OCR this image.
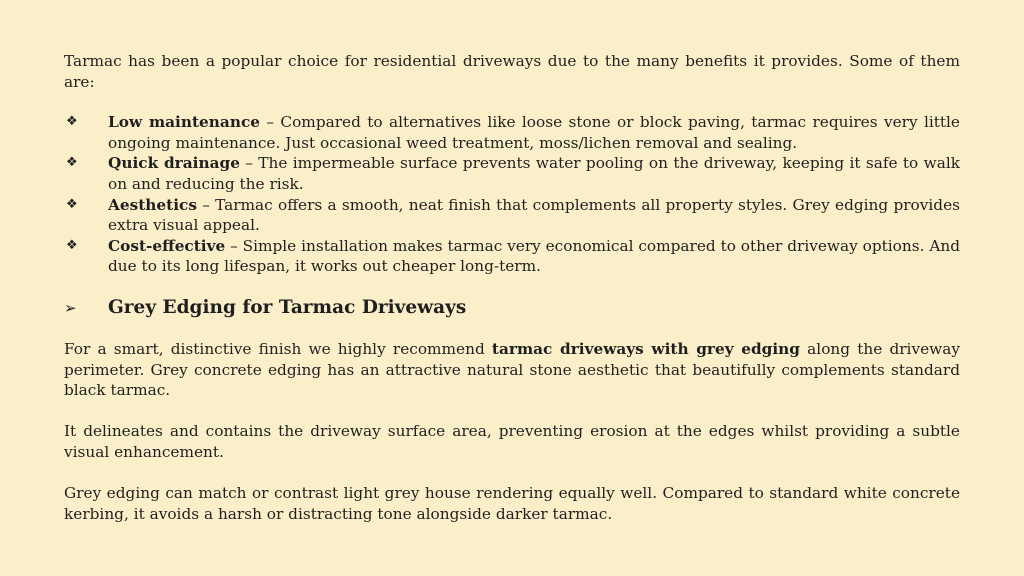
Tarmac has been a popular choice for residential driveways due to the many benefits it provides. Some of them are:

❖ Low maintenance – Compared to alternatives like loose stone or block paving, tarmac requires very little ongoing maintenance. Just occasional weed treatment, moss/lichen removal and sealing.
❖ Quick drainage – The impermeable surface prevents water pooling on the driveway, keeping it safe to walk on and reducing the risk.
❖ Aesthetics – Tarmac offers a smooth, neat finish that complements all property styles. Grey edging provides extra visual appeal.
❖ Cost-effective – Simple installation makes tarmac very economical compared to other driveway options. And due to its long lifespan, it works out cheaper long-term.
➢ Grey Edging for Tarmac Driveways

For a smart, distinctive finish we highly recommend tarmac driveways with grey edging along the driveway perimeter. Grey concrete edging has an attractive natural stone aesthetic that beautifully complements standard black tarmac.

It delineates and contains the driveway surface area, preventing erosion at the edges whilst providing a subtle visual enhancement.

Grey edging can match or contrast light grey house rendering equally well. Compared to standard white concrete kerbing, it avoids a harsh or distracting tone alongside darker tarmac.
